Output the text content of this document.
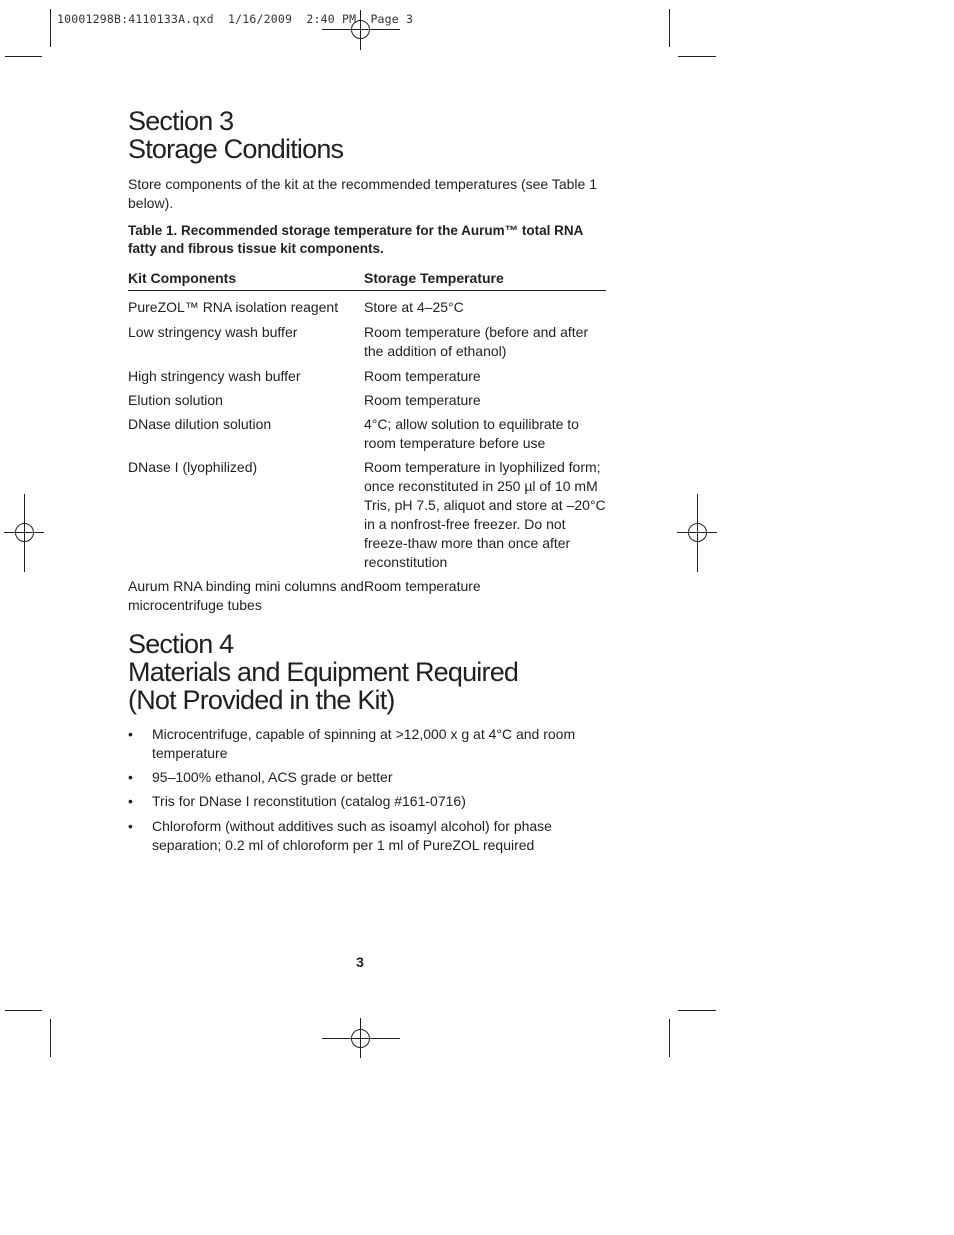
10001298B:4110133A.qxd  1/16/2009  2:40 PM  Page 3
Section 3
Storage Conditions

Store components of the kit at the recommended temperatures (see Table 1 below).

Table 1. Recommended storage temperature for the Aurum™ total RNA fatty and fibrous tissue kit components.

Kit Components	Storage Temperature
PureZOL™ RNA isolation reagent	Store at 4–25°C
Low stringency wash buffer	Room temperature (before and after the addition of ethanol)
High stringency wash buffer	Room temperature
Elution solution	Room temperature
DNase dilution solution	4°C; allow solution to equilibrate to room temperature before use
DNase I (lyophilized)	Room temperature in lyophilized form; once reconstituted in 250 µl of 10 mM Tris, pH 7.5, aliquot and store at –20°C in a nonfrost-free freezer. Do not freeze-thaw more than once after reconstitution
Aurum RNA binding mini columns and microcentrifuge tubes	Room temperature
Section 4
Materials and Equipment Required
(Not Provided in the Kit)
• Microcentrifuge, capable of spinning at >12,000 x g at 4°C and room temperature
• 95–100% ethanol, ACS grade or better
• Tris for DNase I reconstitution (catalog #161-0716)
• Chloroform (without additives such as isoamyl alcohol) for phase separation; 0.2 ml of chloroform per 1 ml of PureZOL required
3
